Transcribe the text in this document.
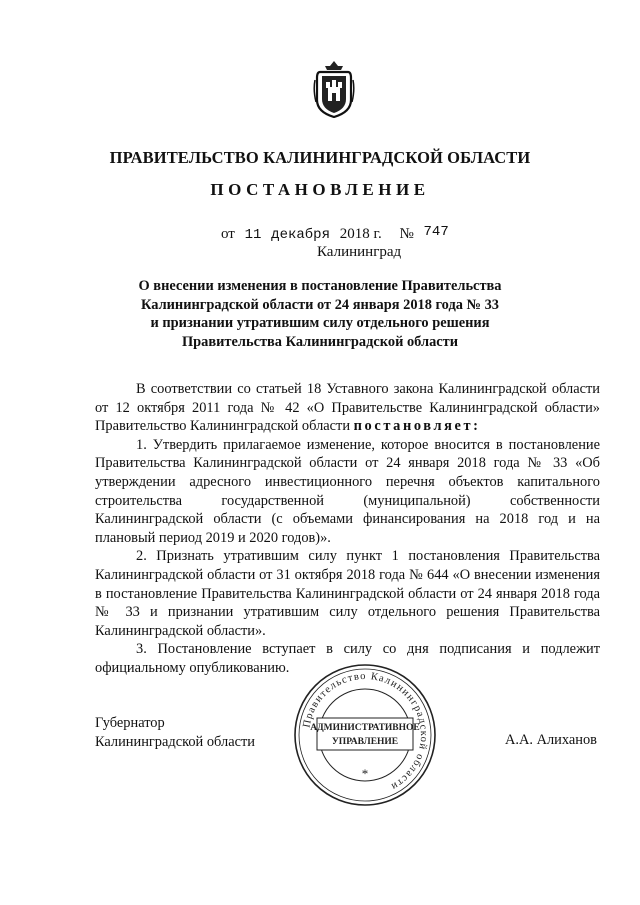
ПРАВИТЕЛЬСТВО КАЛИНИНГРАДСКОЙ ОБЛАСТИ
ПОСТАНОВЛЕНИЕ
от 11 декабря 2018 г. № 747
Калининград
О внесении изменения в постановление Правительства
Калининградской области от 24 января 2018 года № 33
и признании утратившим силу отдельного решения
Правительства Калининградской области

В соответствии со статьей 18 Уставного закона Калининградской области от 12 октября 2011 года № 42 «О Правительстве Калининградской области» Правительство Калининградской области постановляет:

1. Утвердить прилагаемое изменение, которое вносится в постановление Правительства Калининградской области от 24 января 2018 года № 33 «Об утверждении адресного инвестиционного перечня объектов капитального строительства государственной (муниципальной) собственности Калининградской области (с объемами финансирования на 2018 год и на плановый период 2019 и 2020 годов)».

2. Признать утратившим силу пункт 1 постановления Правительства Калининградской области от 31 октября 2018 года № 644 «О внесении изменения в постановление Правительства Калининградской области от 24 января 2018 года № 33 и признании утратившим силу отдельного решения Правительства Калининградской области».

3. Постановление вступает в силу со дня подписания и подлежит официальному опубликованию.

Губернатор
Калининградской области	А.А. Алиханов
Правительство Калининградской области
АДМИНИСТРАТИВНОЕ
УПРАВЛЕНИЕ
*
